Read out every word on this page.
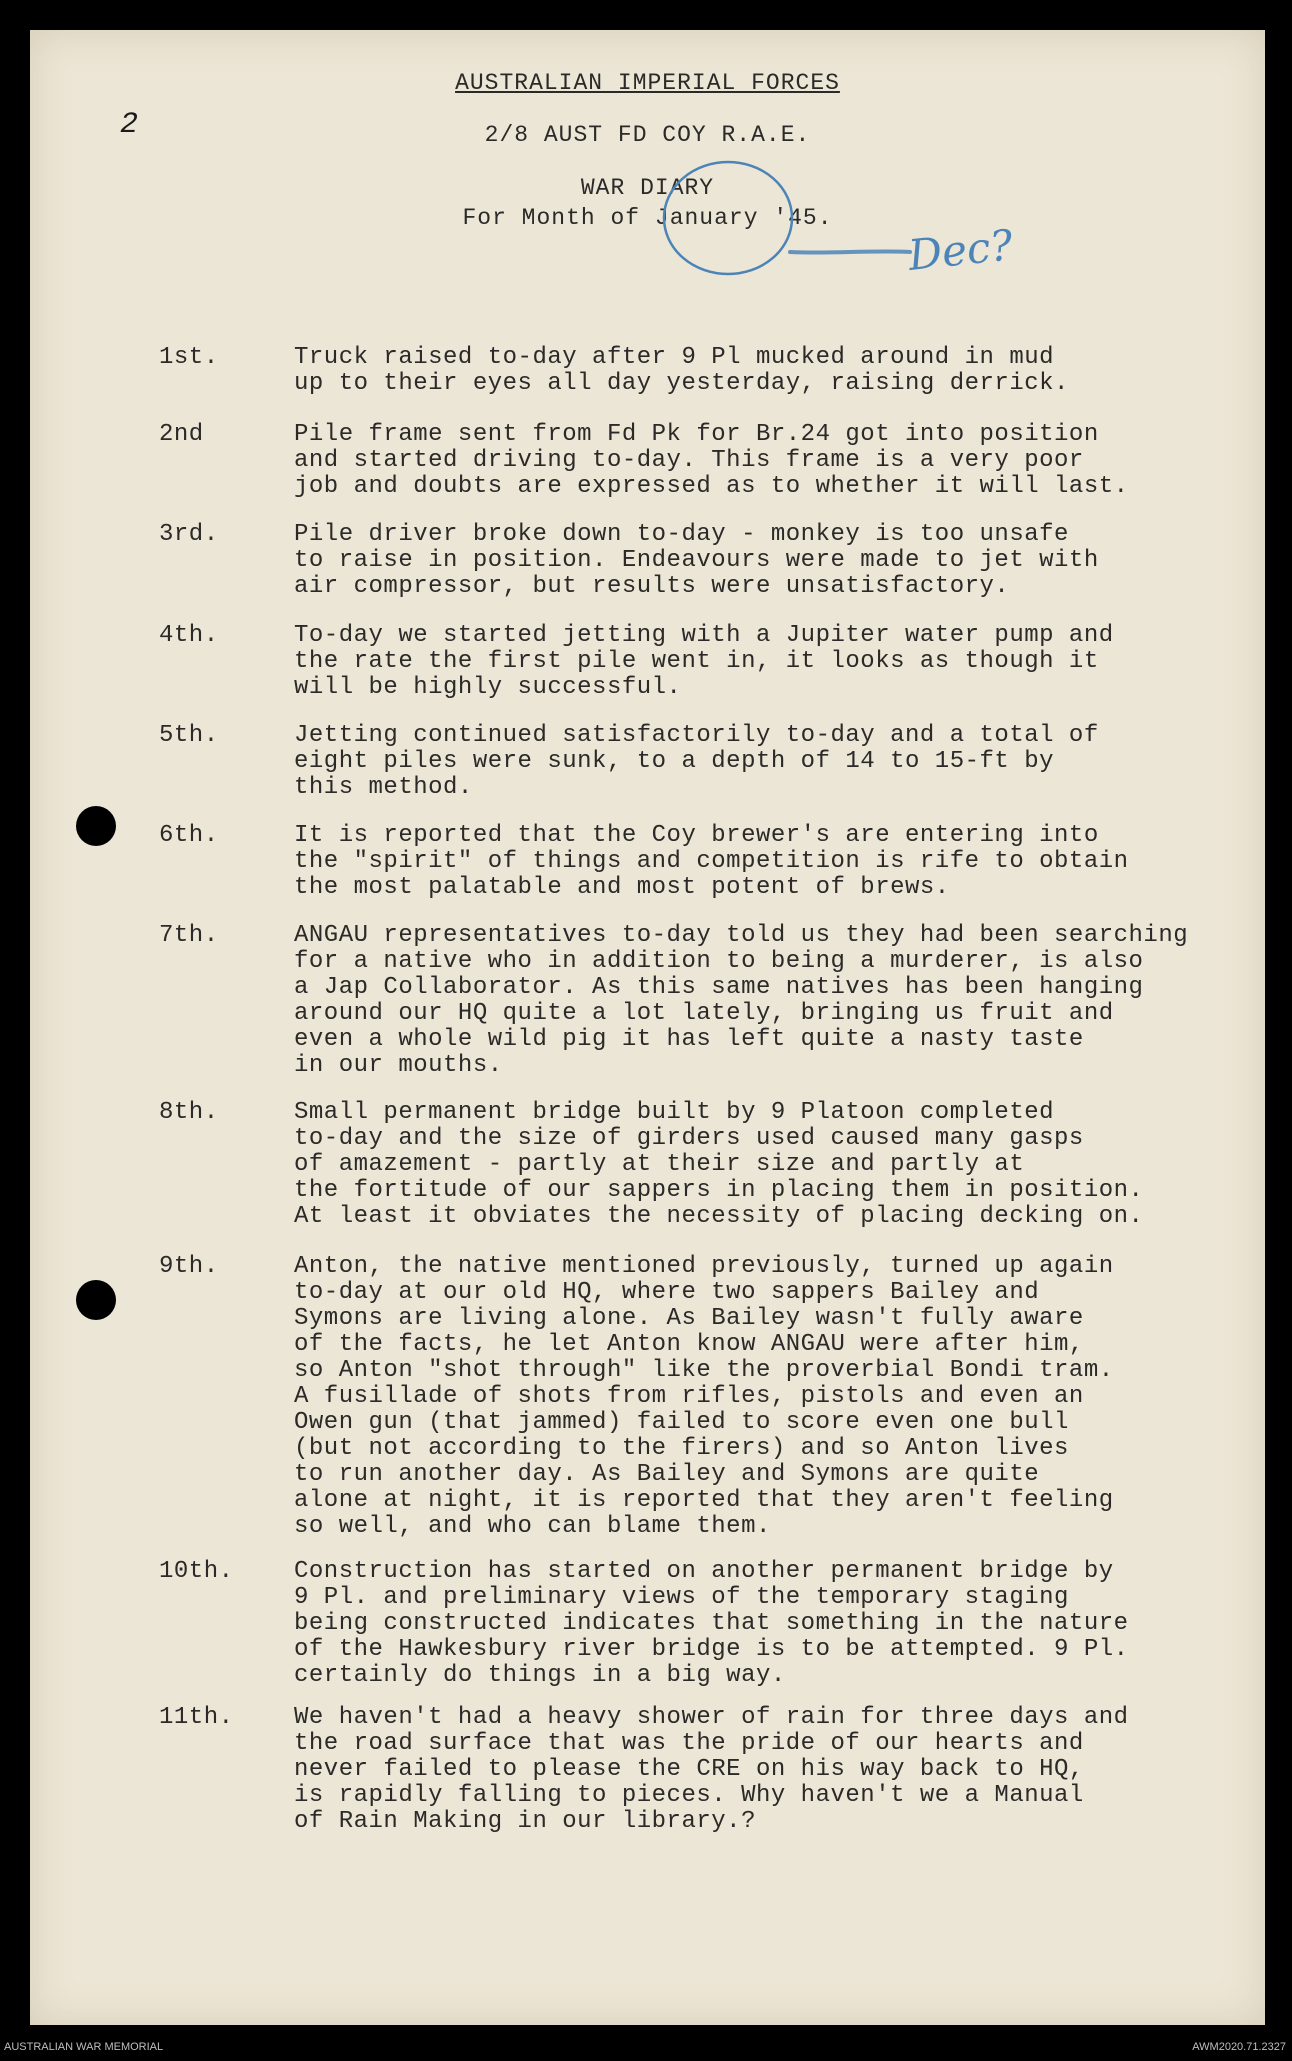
2
AUSTRALIAN IMPERIAL FORCES
2/8 AUST FD COY R.A.E.
WAR DIARY
For Month of January '45.
Dec?
1st.	Truck raised to-day after 9 Pl mucked around in mud
up to their eyes all day yesterday, raising derrick.
2nd	Pile frame sent from Fd Pk for Br.24 got into position
and started driving to-day. This frame is a very poor
job and doubts are expressed as to whether it will last.
3rd.	Pile driver broke down to-day - monkey is too unsafe
to raise in position. Endeavours were made to jet with
air compressor, but results were unsatisfactory.
4th.	To-day we started jetting with a Jupiter water pump and
the rate the first pile went in, it looks as though it
will be highly successful.
5th.	Jetting continued satisfactorily to-day and a total of
eight piles were sunk, to a depth of 14 to 15-ft by
this method.
6th.	It is reported that the Coy brewer's are entering into
the "spirit" of things and competition is rife to obtain
the most palatable and most potent of brews.
7th.	ANGAU representatives to-day told us they had been searching
for a native who in addition to being a murderer, is also
a Jap Collaborator. As this same natives has been hanging
around our HQ quite a lot lately, bringing us fruit and
even a whole wild pig it has left quite a nasty taste
in our mouths.
8th.	Small permanent bridge built by 9 Platoon completed
to-day and the size of girders used caused many gasps
of amazement - partly at their size and partly at
the fortitude of our sappers in placing them in position.
At least it obviates the necessity of placing decking on.
9th.	Anton, the native mentioned previously, turned up again
to-day at our old HQ, where two sappers Bailey and
Symons are living alone. As Bailey wasn't fully aware
of the facts, he let Anton know ANGAU were after him,
so Anton "shot through" like the proverbial Bondi tram.
A fusillade of shots from rifles, pistols and even an
Owen gun (that jammed) failed to score even one bull
(but not according to the firers) and so Anton lives
to run another day. As Bailey and Symons are quite
alone at night, it is reported that they aren't feeling
so well, and who can blame them.
10th.	Construction has started on another permanent bridge by
9 Pl. and preliminary views of the temporary staging
being constructed indicates that something in the nature
of the Hawkesbury river bridge is to be attempted. 9 Pl.
certainly do things in a big way.
11th.	We haven't had a heavy shower of rain for three days and
the road surface that was the pride of our hearts and
never failed to please the CRE on his way back to HQ,
is rapidly falling to pieces. Why haven't we a Manual
of Rain Making in our library.?
AUSTRALIAN WAR MEMORIAL	AWM2020.71.2327
